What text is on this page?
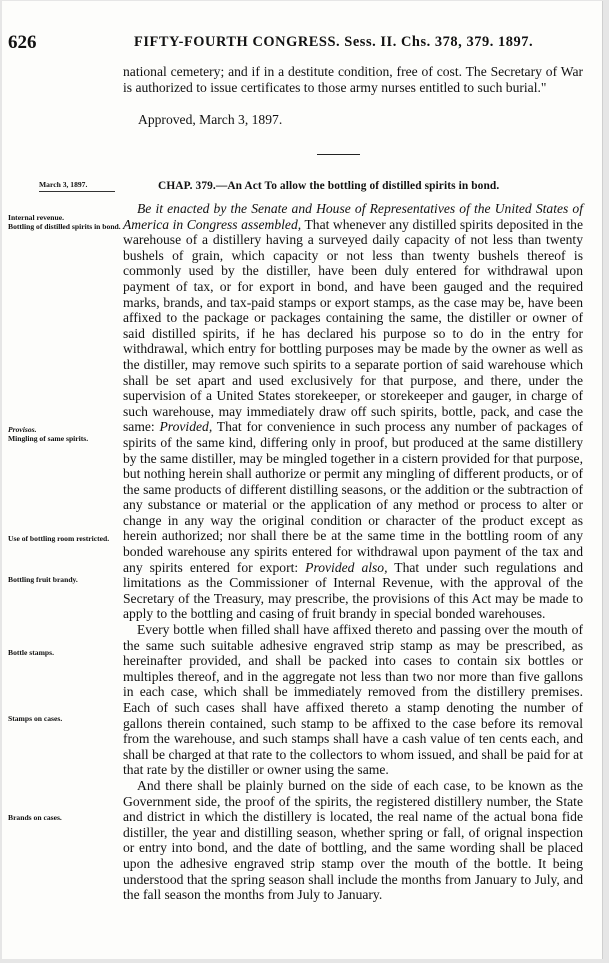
626	FIFTY-FOURTH CONGRESS. Sess. II. Chs. 378, 379. 1897.

national cemetery; and if in a destitute condition, free of cost. The Secretary of War is authorized to issue certificates to those army nurses entitled to such burial."

Approved, March 3, 1897.
March 3, 1897.	CHAP. 379.—An Act To allow the bottling of distilled spirits in bond.
Internal revenue.
Bottling of distilled spirits in bond.
Provisos.
Mingling of same spirits.
Use of bottling room restricted.
Bottling fruit brandy.
Bottle stamps.
Stamps on cases.
Brands on cases.

Be it enacted by the Senate and House of Representatives of the United States of America in Congress assembled, That whenever any distilled spirits deposited in the warehouse of a distillery having a surveyed daily capacity of not less than twenty bushels of grain, which capacity or not less than twenty bushels thereof is commonly used by the distiller, have been duly entered for withdrawal upon payment of tax, or for export in bond, and have been gauged and the required marks, brands, and tax-paid stamps or export stamps, as the case may be, have been affixed to the package or packages containing the same, the distiller or owner of said distilled spirits, if he has declared his purpose so to do in the entry for withdrawal, which entry for bottling purposes may be made by the owner as well as the distiller, may remove such spirits to a separate portion of said warehouse which shall be set apart and used exclusively for that purpose, and there, under the supervision of a United States storekeeper, or storekeeper and gauger, in charge of such warehouse, may immediately draw off such spirits, bottle, pack, and case the same: Provided, That for convenience in such process any number of packages of spirits of the same kind, differing only in proof, but produced at the same distillery by the same distiller, may be mingled together in a cistern provided for that purpose, but nothing herein shall authorize or permit any mingling of different products, or of the same products of different distilling seasons, or the addition or the subtraction of any substance or material or the application of any method or process to alter or change in any way the original condition or character of the product except as herein authorized; nor shall there be at the same time in the bottling room of any bonded warehouse any spirits entered for withdrawal upon payment of the tax and any spirits entered for export: Provided also, That under such regulations and limitations as the Commissioner of Internal Revenue, with the approval of the Secretary of the Treasury, may prescribe, the provisions of this Act may be made to apply to the bottling and casing of fruit brandy in special bonded warehouses.

Every bottle when filled shall have affixed thereto and passing over the mouth of the same such suitable adhesive engraved strip stamp as may be prescribed, as hereinafter provided, and shall be packed into cases to contain six bottles or multiples thereof, and in the aggregate not less than two nor more than five gallons in each case, which shall be immediately removed from the distillery premises. Each of such cases shall have affixed thereto a stamp denoting the number of gallons therein contained, such stamp to be affixed to the case before its removal from the warehouse, and such stamps shall have a cash value of ten cents each, and shall be charged at that rate to the collectors to whom issued, and shall be paid for at that rate by the distiller or owner using the same.

And there shall be plainly burned on the side of each case, to be known as the Government side, the proof of the spirits, the registered distillery number, the State and district in which the distillery is located, the real name of the actual bona fide distiller, the year and distilling season, whether spring or fall, of orignal inspection or entry into bond, and the date of bottling, and the same wording shall be placed upon the adhesive engraved strip stamp over the mouth of the bottle. It being understood that the spring season shall include the months from January to July, and the fall season the months from July to January.
